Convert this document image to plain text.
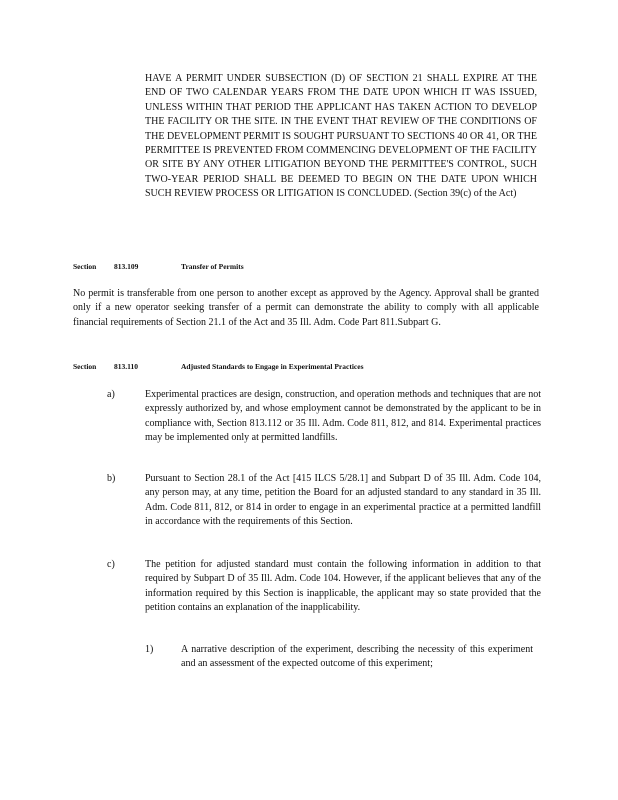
HAVE A PERMIT UNDER SUBSECTION (D) OF SECTION 21 SHALL EXPIRE AT THE END OF TWO CALENDAR YEARS FROM THE DATE UPON WHICH IT WAS ISSUED, UNLESS WITHIN THAT PERIOD THE APPLICANT HAS TAKEN ACTION TO DEVELOP THE FACILITY OR THE SITE. IN THE EVENT THAT REVIEW OF THE CONDITIONS OF THE DEVELOPMENT PERMIT IS SOUGHT PURSUANT TO SECTIONS 40 OR 41, OR THE PERMITTEE IS PREVENTED FROM COMMENCING DEVELOPMENT OF THE FACILITY OR SITE BY ANY OTHER LITIGATION BEYOND THE PERMITTEE'S CONTROL, SUCH TWO-YEAR PERIOD SHALL BE DEEMED TO BEGIN ON THE DATE UPON WHICH SUCH REVIEW PROCESS OR LITIGATION IS CONCLUDED. (Section 39(c) of the Act)
Section 813.109	Transfer of Permits
No permit is transferable from one person to another except as approved by the Agency. Approval shall be granted only if a new operator seeking transfer of a permit can demonstrate the ability to comply with all applicable financial requirements of Section 21.1 of the Act and 35 Ill. Adm. Code Part 811.Subpart G.
Section 813.110	Adjusted Standards to Engage in Experimental Practices
a)	Experimental practices are design, construction, and operation methods and techniques that are not expressly authorized by, and whose employment cannot be demonstrated by the applicant to be in compliance with, Section 813.112 or 35 Ill. Adm. Code 811, 812, and 814. Experimental practices may be implemented only at permitted landfills.
b)	Pursuant to Section 28.1 of the Act [415 ILCS 5/28.1] and Subpart D of 35 Ill. Adm. Code 104, any person may, at any time, petition the Board for an adjusted standard to any standard in 35 Ill. Adm. Code 811, 812, or 814 in order to engage in an experimental practice at a permitted landfill in accordance with the requirements of this Section.
c)	The petition for adjusted standard must contain the following information in addition to that required by Subpart D of 35 Ill. Adm. Code 104. However, if the applicant believes that any of the information required by this Section is inapplicable, the applicant may so state provided that the petition contains an explanation of the inapplicability.
1)	A narrative description of the experiment, describing the necessity of this experiment and an assessment of the expected outcome of this experiment;
